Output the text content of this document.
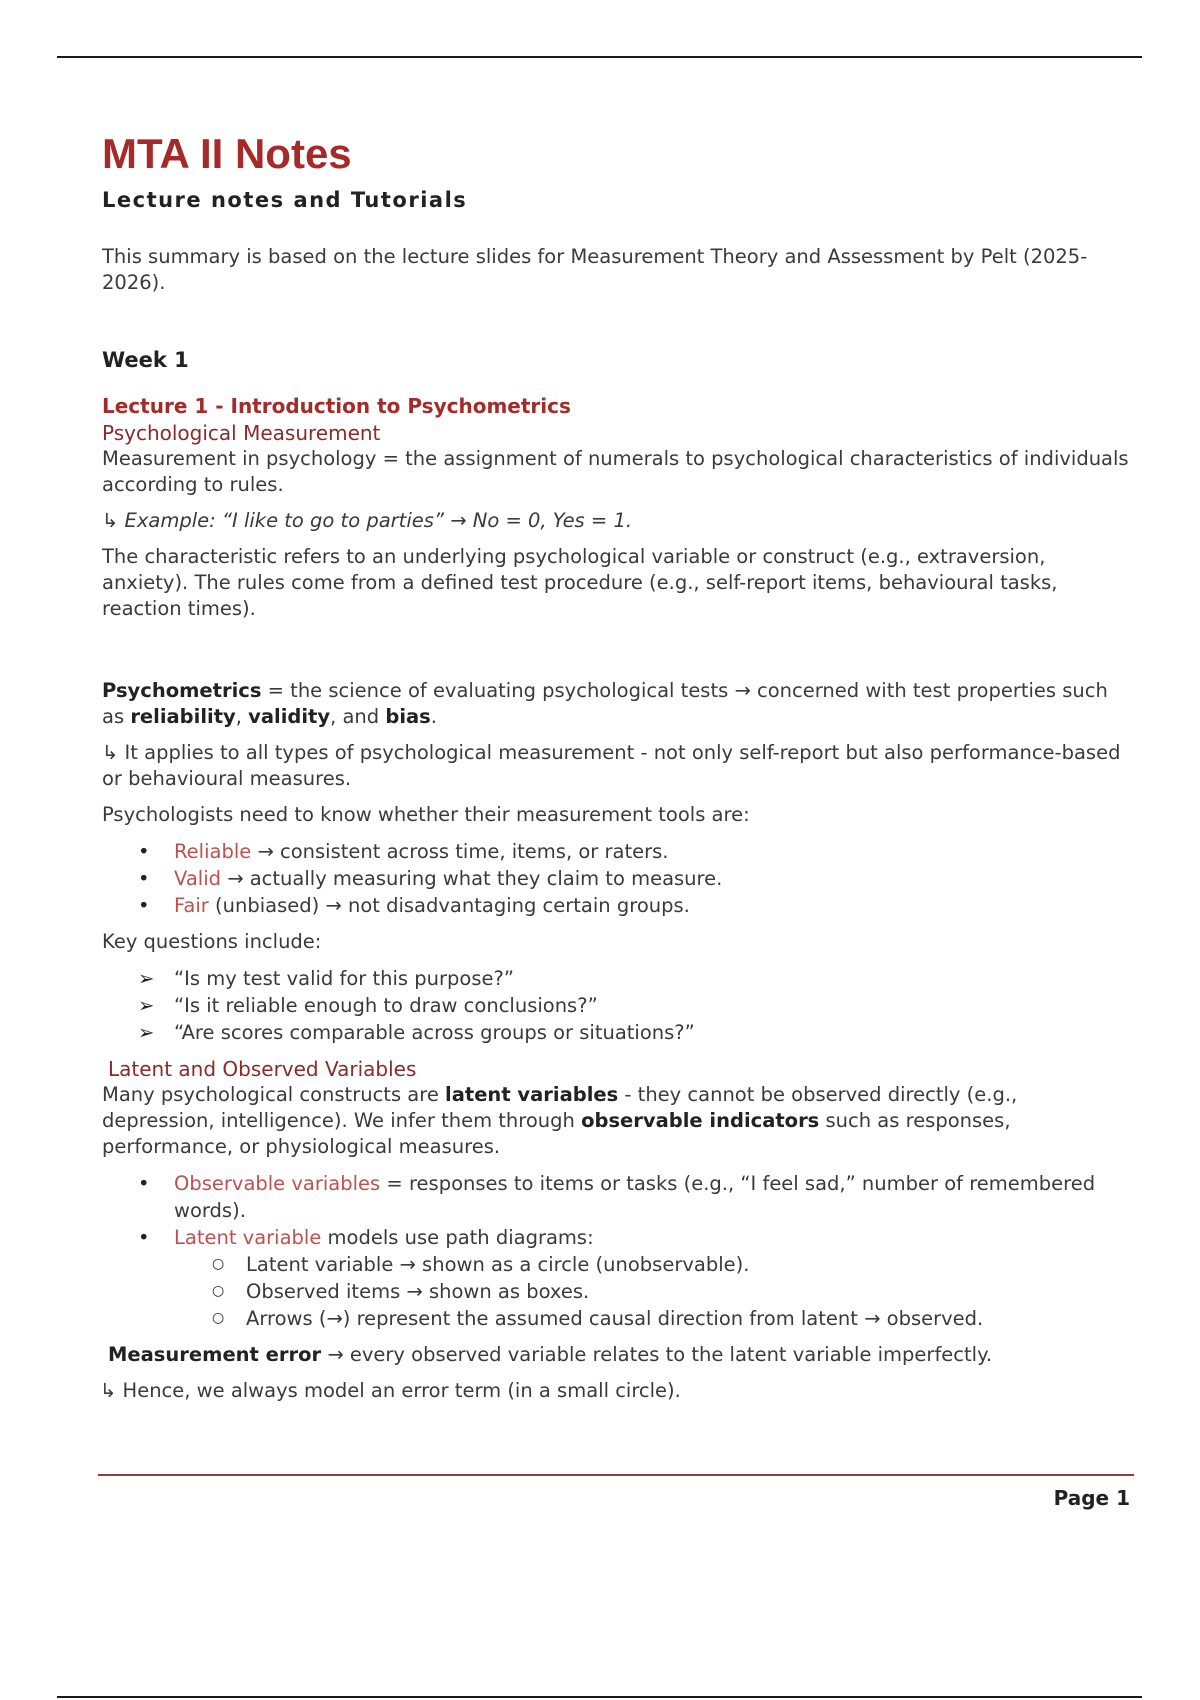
MTA II Notes
Lecture notes and Tutorials

This summary is based on the lecture slides for Measurement Theory and Assessment by Pelt (2025-2026).

Week 1
Lecture 1 - Introduction to Psychometrics
Psychological Measurement

Measurement in psychology = the assignment of numerals to psychological characteristics of individuals according to rules.

↳ Example: “I like to go to parties” → No = 0, Yes = 1.

The characteristic refers to an underlying psychological variable or construct (e.g., extraversion, anxiety). The rules come from a defined test procedure (e.g., self-report items, behavioural tasks, reaction times).

Psychometrics = the science of evaluating psychological tests → concerned with test properties such as reliability, validity, and bias.

↳ It applies to all types of psychological measurement - not only self-report but also performance-based or behavioural measures.

Psychologists need to know whether their measurement tools are:

• Reliable → consistent across time, items, or raters.
• Valid → actually measuring what they claim to measure.
• Fair (unbiased) → not disadvantaging certain groups.

Key questions include:

➢ “Is my test valid for this purpose?”
➢ “Is it reliable enough to draw conclusions?”
➢ “Are scores comparable across groups or situations?”
Latent and Observed Variables

Many psychological constructs are latent variables - they cannot be observed directly (e.g., depression, intelligence). We infer them through observable indicators such as responses, performance, or physiological measures.

• Observable variables = responses to items or tasks (e.g., “I feel sad,” number of remembered words).
• Latent variable models use path diagrams:
○ Latent variable → shown as a circle (unobservable).
○ Observed items → shown as boxes.
○ Arrows (→) represent the assumed causal direction from latent → observed.

Measurement error → every observed variable relates to the latent variable imperfectly.

↳ Hence, we always model an error term (in a small circle).

Page 1
